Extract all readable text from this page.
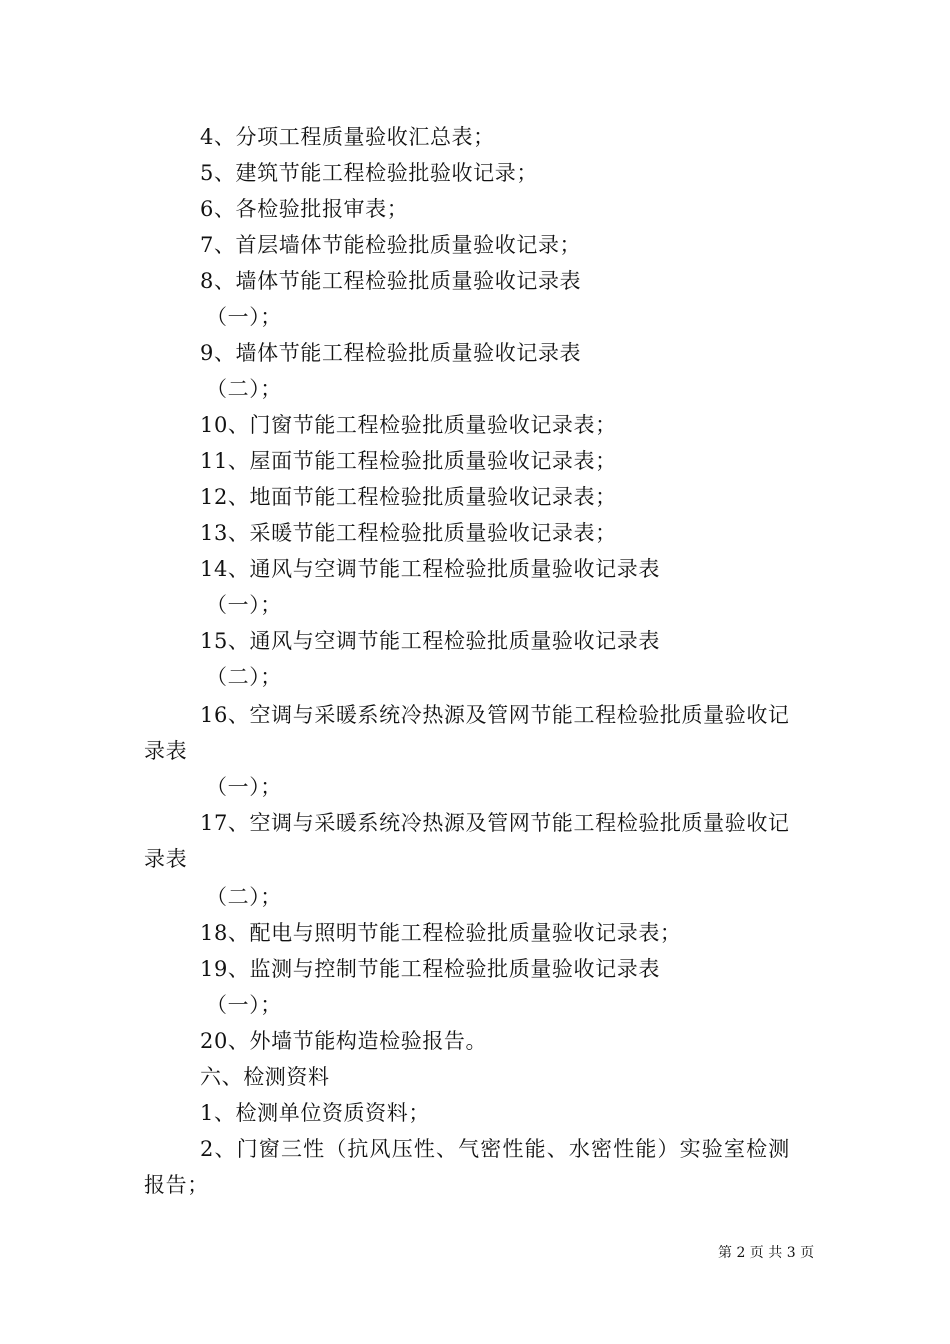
4、分项工程质量验收汇总表；
5、建筑节能工程检验批验收记录；
6、各检验批报审表；
7、首层墙体节能检验批质量验收记录；
8、墙体节能工程检验批质量验收记录表
（一）；
9、墙体节能工程检验批质量验收记录表
（二）；
10、门窗节能工程检验批质量验收记录表；
11、屋面节能工程检验批质量验收记录表；
12、地面节能工程检验批质量验收记录表；
13、采暖节能工程检验批质量验收记录表；
14、通风与空调节能工程检验批质量验收记录表
（一）；
15、通风与空调节能工程检验批质量验收记录表
（二）；
16、空调与采暖系统冷热源及管网节能工程检验批质量验收记
录表
（一）；
17、空调与采暖系统冷热源及管网节能工程检验批质量验收记
录表
（二）；
18、配电与照明节能工程检验批质量验收记录表；
19、监测与控制节能工程检验批质量验收记录表
（一）；
20、外墙节能构造检验报告。
六、检测资料
1、检测单位资质资料；
2、门窗三性（抗风压性、气密性能、水密性能）实验室检测
报告；
第 2 页 共 3 页
